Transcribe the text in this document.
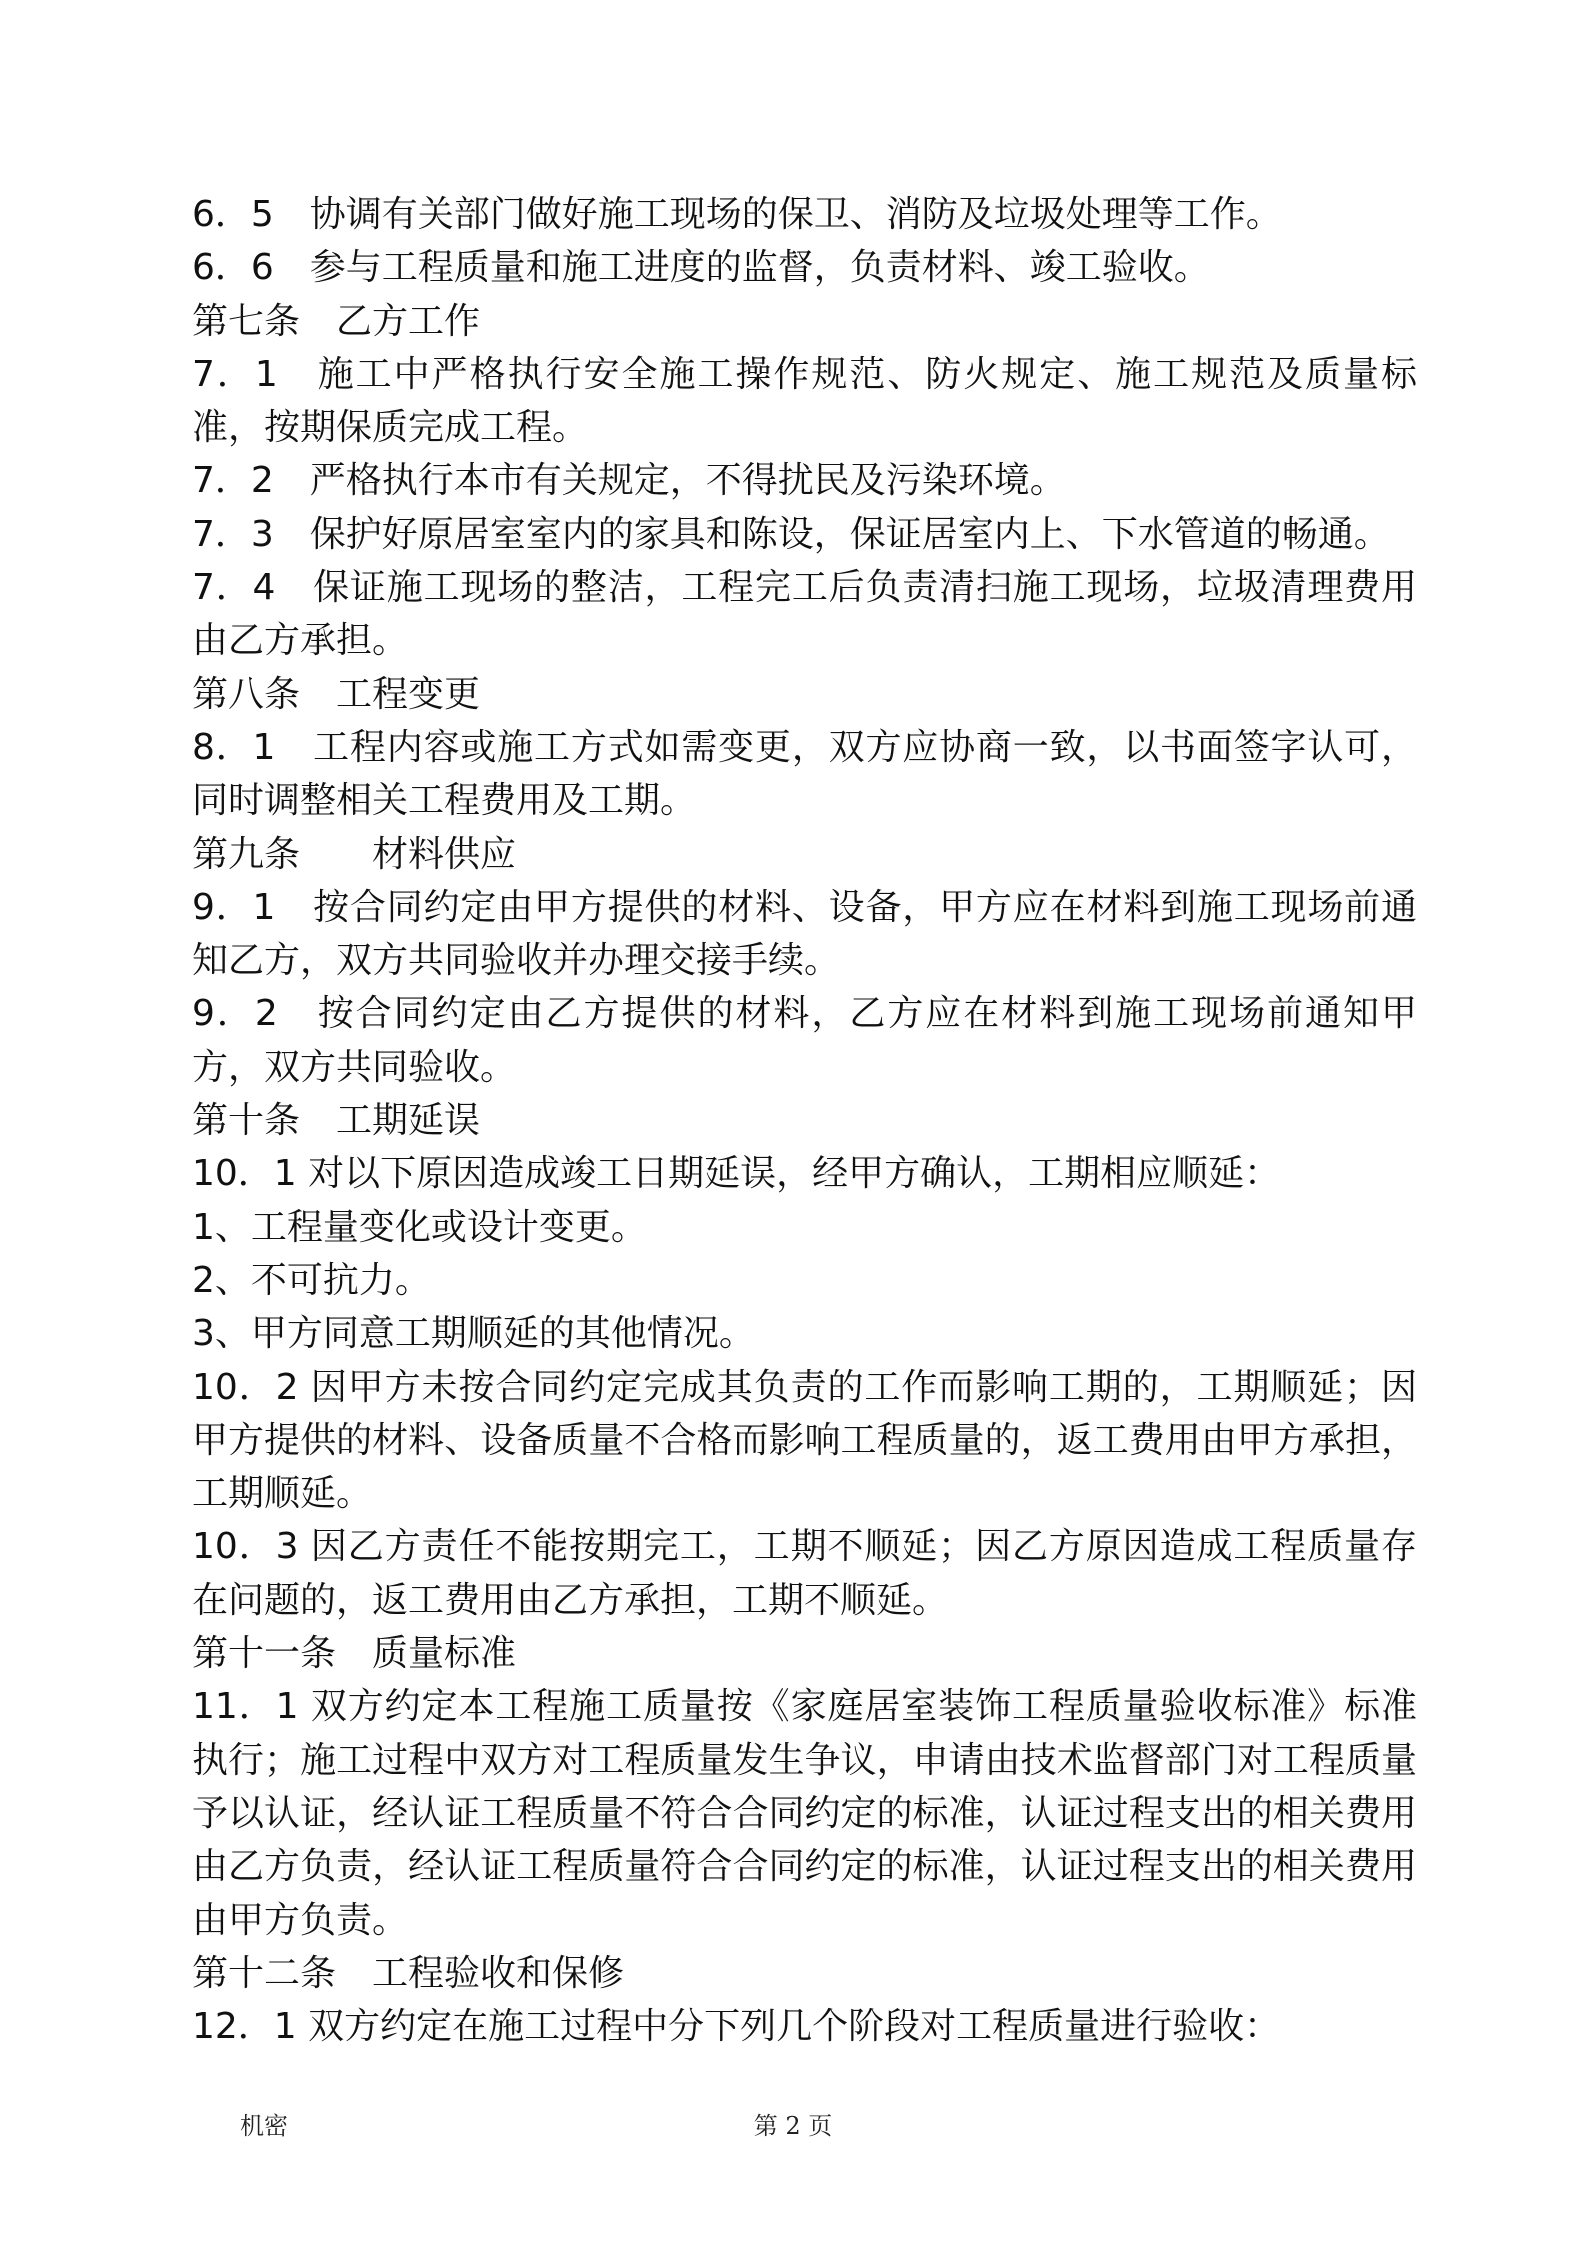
6．5　协调有关部门做好施工现场的保卫、消防及垃圾处理等工作。

6．6　参与工程质量和施工进度的监督，负责材料、竣工验收。

第七条　乙方工作

7．1　施工中严格执行安全施工操作规范、防火规定、施工规范及质量标准，按期保质完成工程。

7．2　严格执行本市有关规定，不得扰民及污染环境。

7．3　保护好原居室室内的家具和陈设，保证居室内上、下水管道的畅通。

7．4　保证施工现场的整洁，工程完工后负责清扫施工现场，垃圾清理费用由乙方承担。

第八条　工程变更

8．1　工程内容或施工方式如需变更，双方应协商一致，以书面签字认可，同时调整相关工程费用及工期。

第九条　　材料供应

9．1　按合同约定由甲方提供的材料、设备，甲方应在材料到施工现场前通知乙方，双方共同验收并办理交接手续。

9．2　按合同约定由乙方提供的材料，乙方应在材料到施工现场前通知甲方，双方共同验收。

第十条　工期延误

10．1 对以下原因造成竣工日期延误，经甲方确认，工期相应顺延：

1、工程量变化或设计变更。

2、不可抗力。

3、甲方同意工期顺延的其他情况。

10．2 因甲方未按合同约定完成其负责的工作而影响工期的，工期顺延；因甲方提供的材料、设备质量不合格而影响工程质量的，返工费用由甲方承担，工期顺延。

10．3 因乙方责任不能按期完工，工期不顺延；因乙方原因造成工程质量存在问题的，返工费用由乙方承担，工期不顺延。

第十一条　质量标准

11．1 双方约定本工程施工质量按《家庭居室装饰工程质量验收标准》标准执行；施工过程中双方对工程质量发生争议，申请由技术监督部门对工程质量予以认证，经认证工程质量不符合合同约定的标准，认证过程支出的相关费用由乙方负责，经认证工程质量符合合同约定的标准，认证过程支出的相关费用由甲方负责。

第十二条　工程验收和保修

12．1 双方约定在施工过程中分下列几个阶段对工程质量进行验收：

机密	第 2 页
